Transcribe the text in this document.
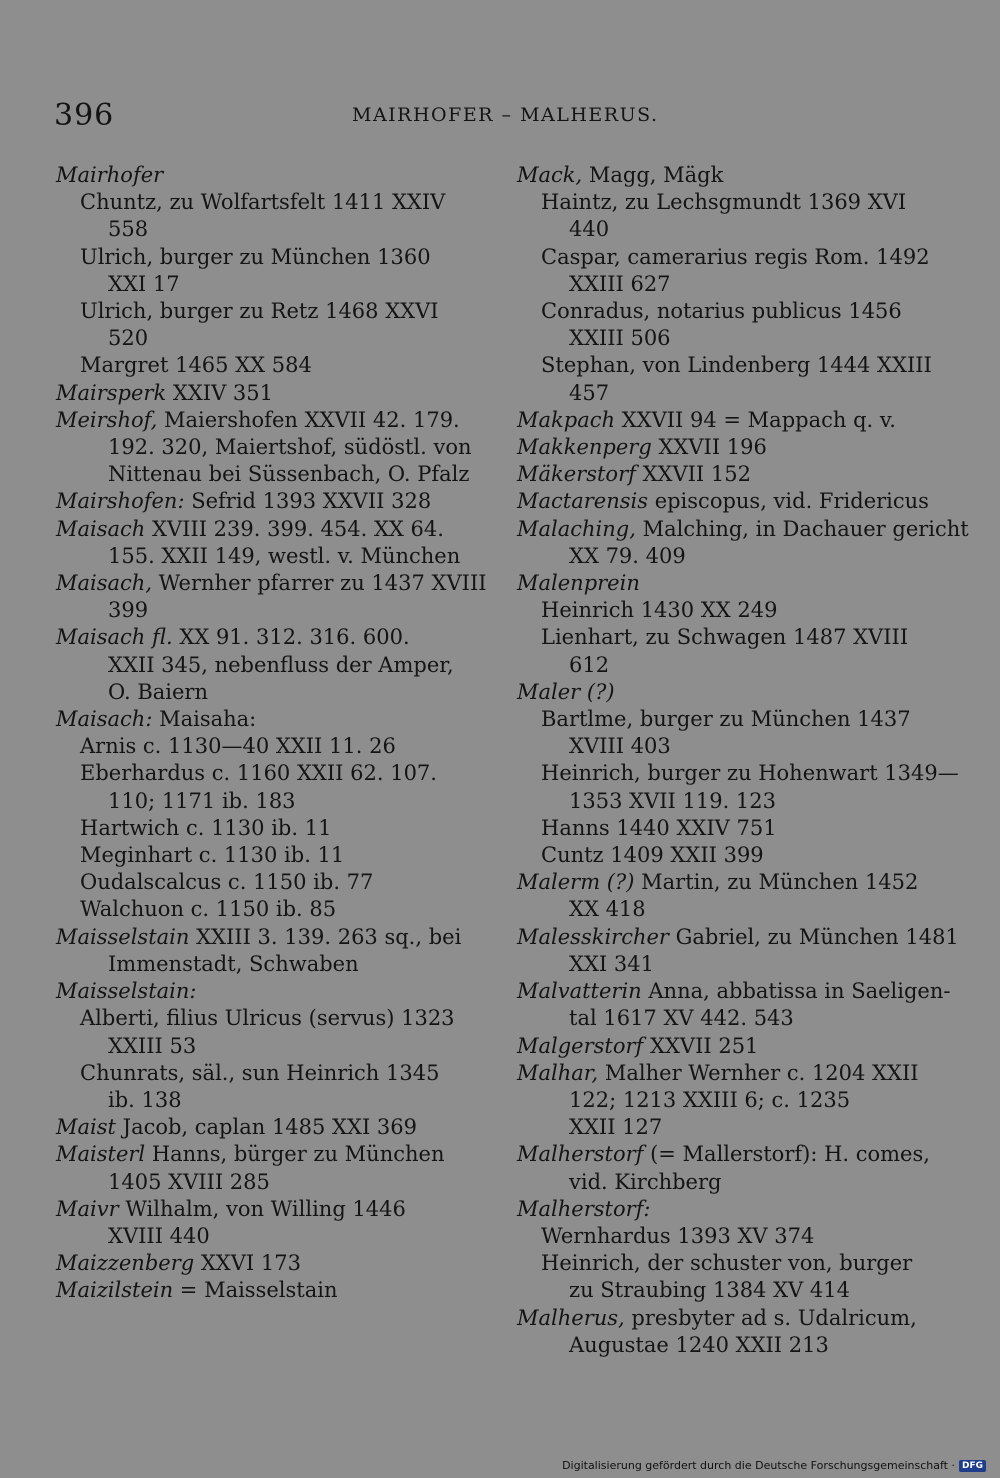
396	MAIRHOFER – MALHERUS.
Mairhofer
Chuntz, zu Wolfartsfelt 1411 XXIV
558
Ulrich, burger zu München 1360
XXI 17
Ulrich, burger zu Retz 1468 XXVI
520
Margret 1465 XX 584
Mairsperk XXIV 351
Meirshof, Maiershofen XXVII 42. 179.
192. 320, Maiertshof, südöstl. von
Nittenau bei Süssenbach, O. Pfalz
Mairshofen: Sefrid 1393 XXVII 328
Maisach XVIII 239. 399. 454. XX 64.
155. XXII 149, westl. v. München
Maisach, Wernher pfarrer zu 1437 XVIII
399
Maisach fl. XX 91. 312. 316. 600.
XXII 345, nebenfluss der Amper,
O. Baiern
Maisach: Maisaha:
Arnis c. 1130—40 XXII 11. 26
Eberhardus c. 1160 XXII 62. 107.
110; 1171 ib. 183
Hartwich c. 1130 ib. 11
Meginhart c. 1130 ib. 11
Oudalscalcus c. 1150 ib. 77
Walchuon c. 1150 ib. 85
Maisselstain XXIII 3. 139. 263 sq., bei
Immenstadt, Schwaben
Maisselstain:
Alberti, filius Ulricus (servus) 1323
XXIII 53
Chunrats, säl., sun Heinrich 1345
ib. 138
Maist Jacob, caplan 1485 XXI 369
Maisterl Hanns, bürger zu München
1405 XVIII 285
Maivr Wilhalm, von Willing 1446
XVIII 440
Maizzenberg XXVI 173
Maizilstein = Maisselstain
Mack, Magg, Mägk
Haintz, zu Lechsgmundt 1369 XVI
440
Caspar, camerarius regis Rom. 1492
XXIII 627
Conradus, notarius publicus 1456
XXIII 506
Stephan, von Lindenberg 1444 XXIII
457
Makpach XXVII 94 = Mappach q. v.
Makkenperg XXVII 196
Mäkerstorf XXVII 152
Mactarensis episcopus, vid. Fridericus
Malaching, Malching, in Dachauer gericht
XX 79. 409
Malenprein
Heinrich 1430 XX 249
Lienhart, zu Schwagen 1487 XVIII
612
Maler (?)
Bartlme, burger zu München 1437
XVIII 403
Heinrich, burger zu Hohenwart 1349—
1353 XVII 119. 123
Hanns 1440 XXIV 751
Cuntz 1409 XXII 399
Malerm (?) Martin, zu München 1452
XX 418
Malesskircher Gabriel, zu München 1481
XXI 341
Malvatterin Anna, abbatissa in Saeligen-
tal 1617 XV 442. 543
Malgerstorf XXVII 251
Malhar, Malher Wernher c. 1204 XXII
122; 1213 XXIII 6; c. 1235
XXII 127
Malherstorf (= Mallerstorf): H. comes,
vid. Kirchberg
Malherstorf:
Wernhardus 1393 XV 374
Heinrich, der schuster von, burger
zu Straubing 1384 XV 414
Malherus, presbyter ad s. Udalricum,
Augustae 1240 XXII 213
Digitalisierung gefördert durch die Deutsche Forschungsgemeinschaft · DFG
